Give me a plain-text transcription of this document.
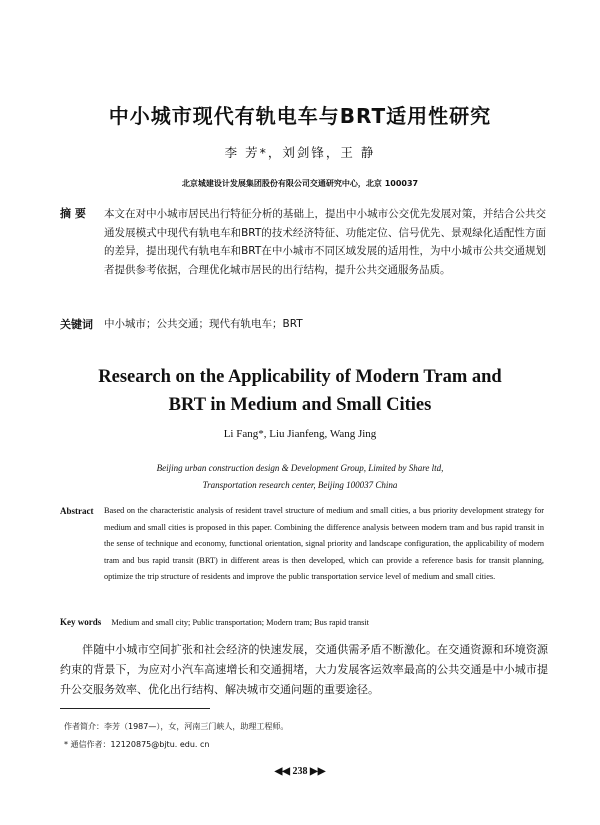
中小城市现代有轨电车与BRT适用性研究
李 芳*，刘剑锋，王 静
北京城建设计发展集团股份有限公司交通研究中心，北京 100037
摘 要	本文在对中小城市居民出行特征分析的基础上，提出中小城市公交优先发展对策，并结合公共交通发展模式中现代有轨电车和BRT的技术经济特征、功能定位、信号优先、景观绿化适配性方面的差异，提出现代有轨电车和BRT在中小城市不同区域发展的适用性，为中小城市公共交通规划者提供参考依据，合理优化城市居民的出行结构，提升公共交通服务品质。
关键词	中小城市；公共交通；现代有轨电车；BRT
Research on the Applicability of Modern Tram and
BRT in Medium and Small Cities
Li Fang*, Liu Jianfeng, Wang Jing
Beijing urban construction design & Development Group, Limited by Share ltd,
Transportation research center, Beijing 100037 China
Abstract Based on the characteristic analysis of resident travel structure of medium and small cities, a bus priority development strategy for medium and small cities is proposed in this paper. Combining the difference analysis between modern tram and bus rapid transit in the sense of technique and economy, functional orientation, signal priority and landscape configuration, the applicability of modern tram and bus rapid transit (BRT) in different areas is then developed, which can provide a reference basis for transit planning, optimize the trip structure of residents and improve the public transportation service level of medium and small cities.
Key words Medium and small city; Public transportation; Modern tram; Bus rapid transit
伴随中小城市空间扩张和社会经济的快速发展，交通供需矛盾不断激化。在交通资源和环境资源约束的背景下，为应对小汽车高速增长和交通拥堵，大力发展客运效率最高的公共交通是中小城市提升公交服务效率、优化出行结构、解决城市交通问题的重要途径。
作者简介：李芳（1987—），女，河南三门峡人，助理工程师。
* 通信作者：12120875@bjtu. edu. cn
◀◀ 238 ▶▶
